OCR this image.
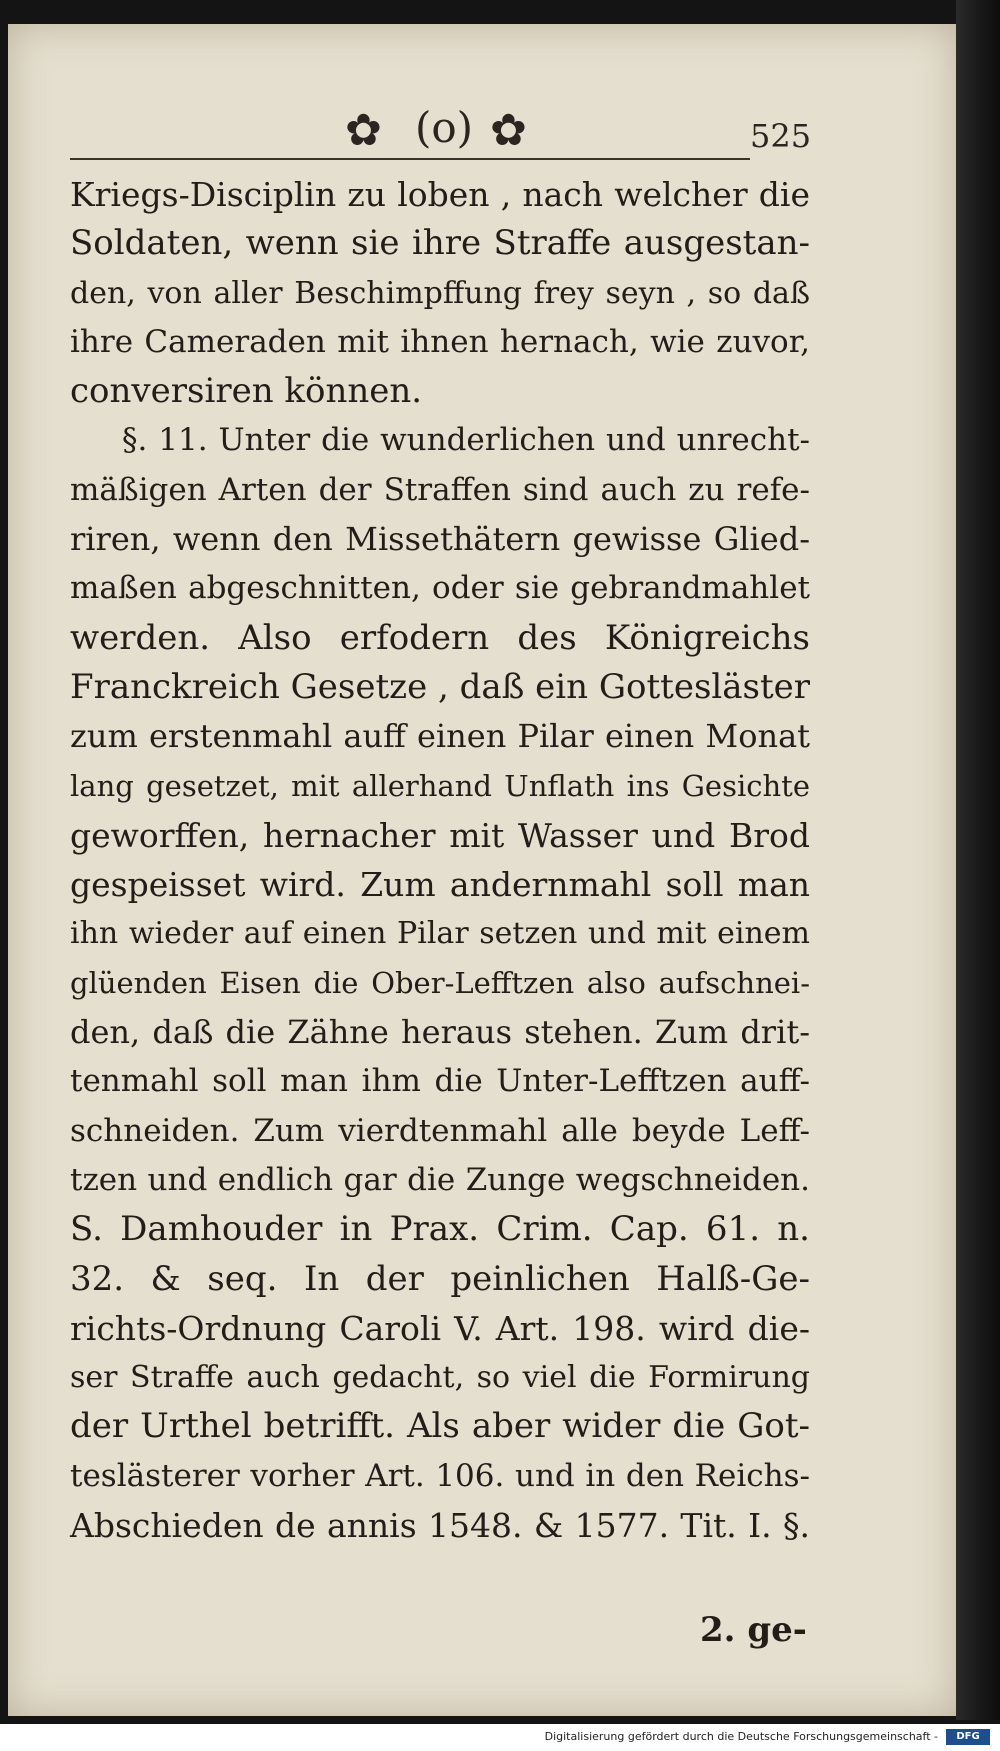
✿ (o) ✿	525
Kriegs-Disciplin zu loben , nach welcher die
Soldaten, wenn sie ihre Straffe ausgestan-
den, von aller Beschimpffung frey seyn , so daß
ihre Cameraden mit ihnen hernach, wie zuvor,
conversiren können.
§. 11. Unter die wunderlichen und unrecht-
mäßigen Arten der Straffen sind auch zu refe-
riren, wenn den Missethätern gewisse Glied-
maßen abgeschnitten, oder sie gebrandmahlet
werden. Also erfodern des Königreichs
Franckreich Gesetze , daß ein Gottesläster
zum erstenmahl auff einen Pilar einen Monat
lang gesetzet, mit allerhand Unflath ins Gesichte
geworffen, hernacher mit Wasser und Brod
gespeisset wird. Zum andernmahl soll man
ihn wieder auf einen Pilar setzen und mit einem
glüenden Eisen die Ober-Lefftzen also aufschnei-
den, daß die Zähne heraus stehen. Zum drit-
tenmahl soll man ihm die Unter-Lefftzen auff-
schneiden. Zum vierdtenmahl alle beyde Leff-
tzen und endlich gar die Zunge wegschneiden.
S. Damhouder in Prax. Crim. Cap. 61. n.
32. & seq. In der peinlichen Halß-Ge-
richts-Ordnung Caroli V. Art. 198. wird die-
ser Straffe auch gedacht, so viel die Formirung
der Urthel betrifft. Als aber wider die Got-
teslästerer vorher Art. 106. und in den Reichs-
Abschieden de annis 1548. & 1577. Tit. I. §.
2. ge-
Digitalisierung gefördert durch die Deutsche Forschungsgemeinschaft -	DFG
